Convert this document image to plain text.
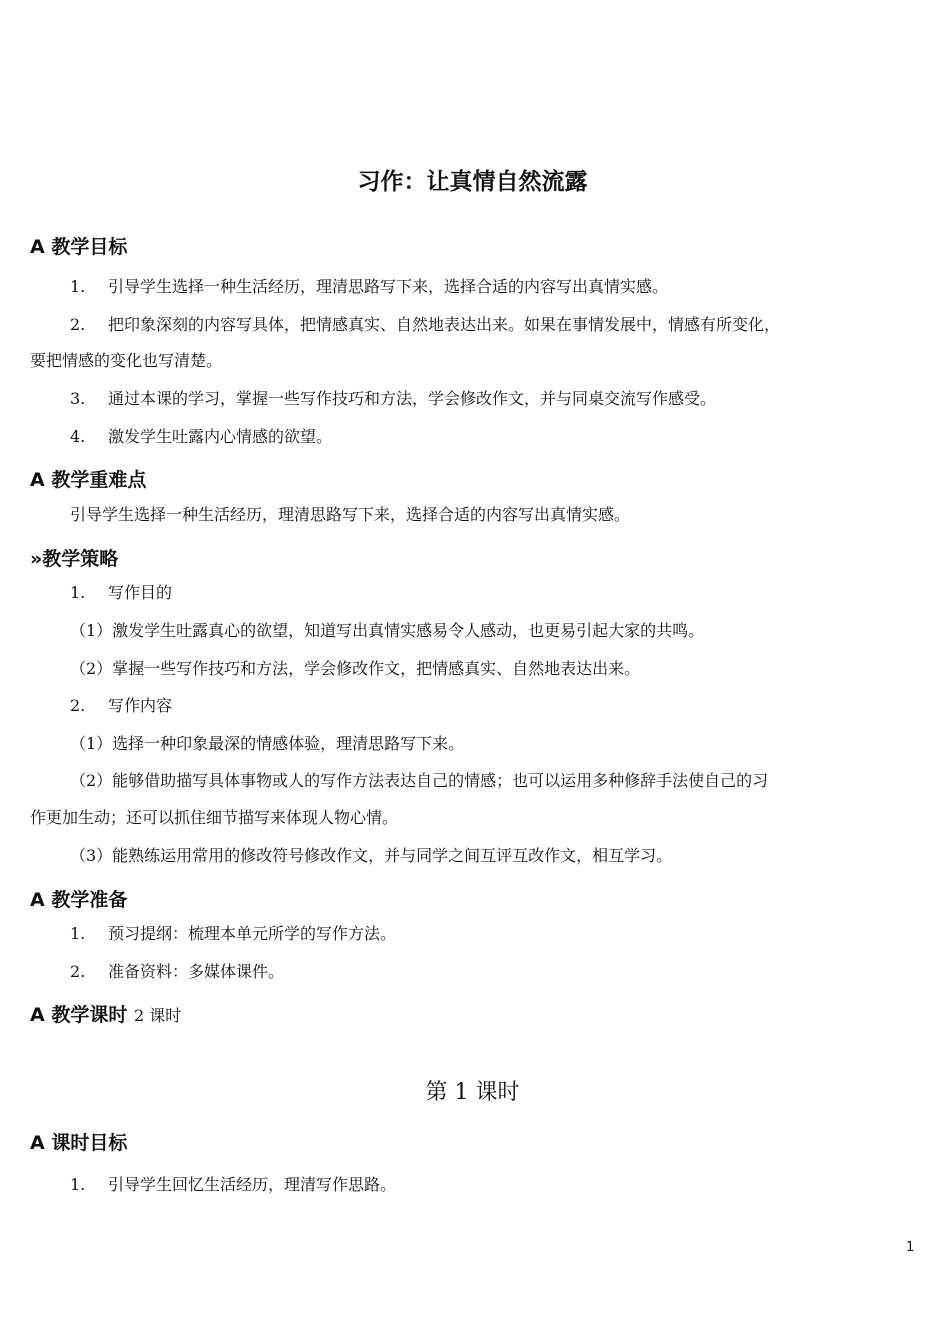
习作：让真情自然流露
A 教学目标
1. 引导学生选择一种生活经历，理清思路写下来，选择合适的内容写出真情实感。
2. 把印象深刻的内容写具体，把情感真实、自然地表达出来。如果在事情发展中，情感有所变化，
要把情感的变化也写清楚。
3. 通过本课的学习，掌握一些写作技巧和方法，学会修改作文，并与同桌交流写作感受。
4. 激发学生吐露内心情感的欲望。
A 教学重难点
引导学生选择一种生活经历，理清思路写下来，选择合适的内容写出真情实感。
»教学策略
1. 写作目的
（1）激发学生吐露真心的欲望，知道写出真情实感易令人感动，也更易引起大家的共鸣。
（2）掌握一些写作技巧和方法，学会修改作文，把情感真实、自然地表达出来。
2. 写作内容
（1）选择一种印象最深的情感体验，理清思路写下来。
（2）能够借助描写具体事物或人的写作方法表达自己的情感；也可以运用多种修辞手法使自己的习
作更加生动；还可以抓住细节描写来体现人物心情。
（3）能熟练运用常用的修改符号修改作文，并与同学之间互评互改作文，相互学习。
A 教学准备
1. 预习提纲：梳理本单元所学的写作方法。
2. 准备资料：多媒体课件。
A 教学课时 2 课时
第 1 课时
A 课时目标
1. 引导学生回忆生活经历，理清写作思路。
1
